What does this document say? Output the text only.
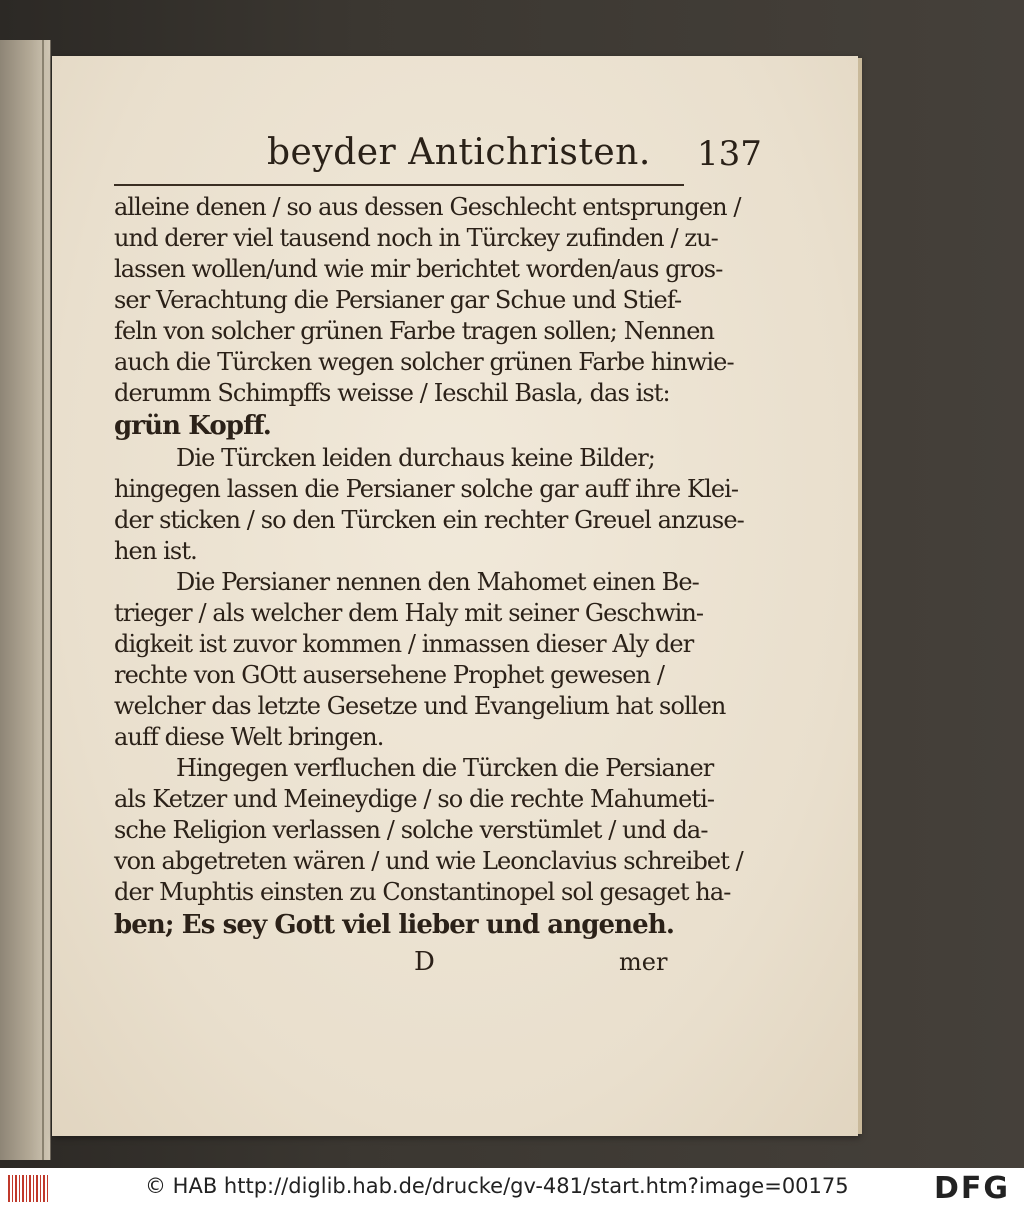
beyder Antichristen. 137
alleine denen / so aus dessen Geschlecht entsprungen /
und derer viel tausend noch in Türckey zufinden / zu-
lassen wollen/und wie mir berichtet worden/aus gros-
ser Verachtung die Persianer gar Schue und Stief-
feln von solcher grünen Farbe tragen sollen; Nennen
auch die Türcken wegen solcher grünen Farbe hinwie-
derumm Schimpffs weisse / Ieschil Basla, das ist:
grün Kopff.
Die Türcken leiden durchaus keine Bilder;
hingegen lassen die Persianer solche gar auff ihre Klei-
der sticken / so den Türcken ein rechter Greuel anzuse-
hen ist.
Die Persianer nennen den Mahomet einen Be-
trieger / als welcher dem Haly mit seiner Geschwin-
digkeit ist zuvor kommen / inmassen dieser Aly der
rechte von GOtt ausersehene Prophet gewesen /
welcher das letzte Gesetze und Evangelium hat sollen
auff diese Welt bringen.
Hingegen verfluchen die Türcken die Persianer
als Ketzer und Meineydige / so die rechte Mahumeti-
sche Religion verlassen / solche verstümlet / und da-
von abgetreten wären / und wie Leonclavius schreibet /
der Muphtis einsten zu Constantinopel sol gesaget ha-
ben; Es sey Gott viel lieber und angeneh.
D	mer
© HAB http://diglib.hab.de/drucke/gv-481/start.htm?image=00175	DFG
